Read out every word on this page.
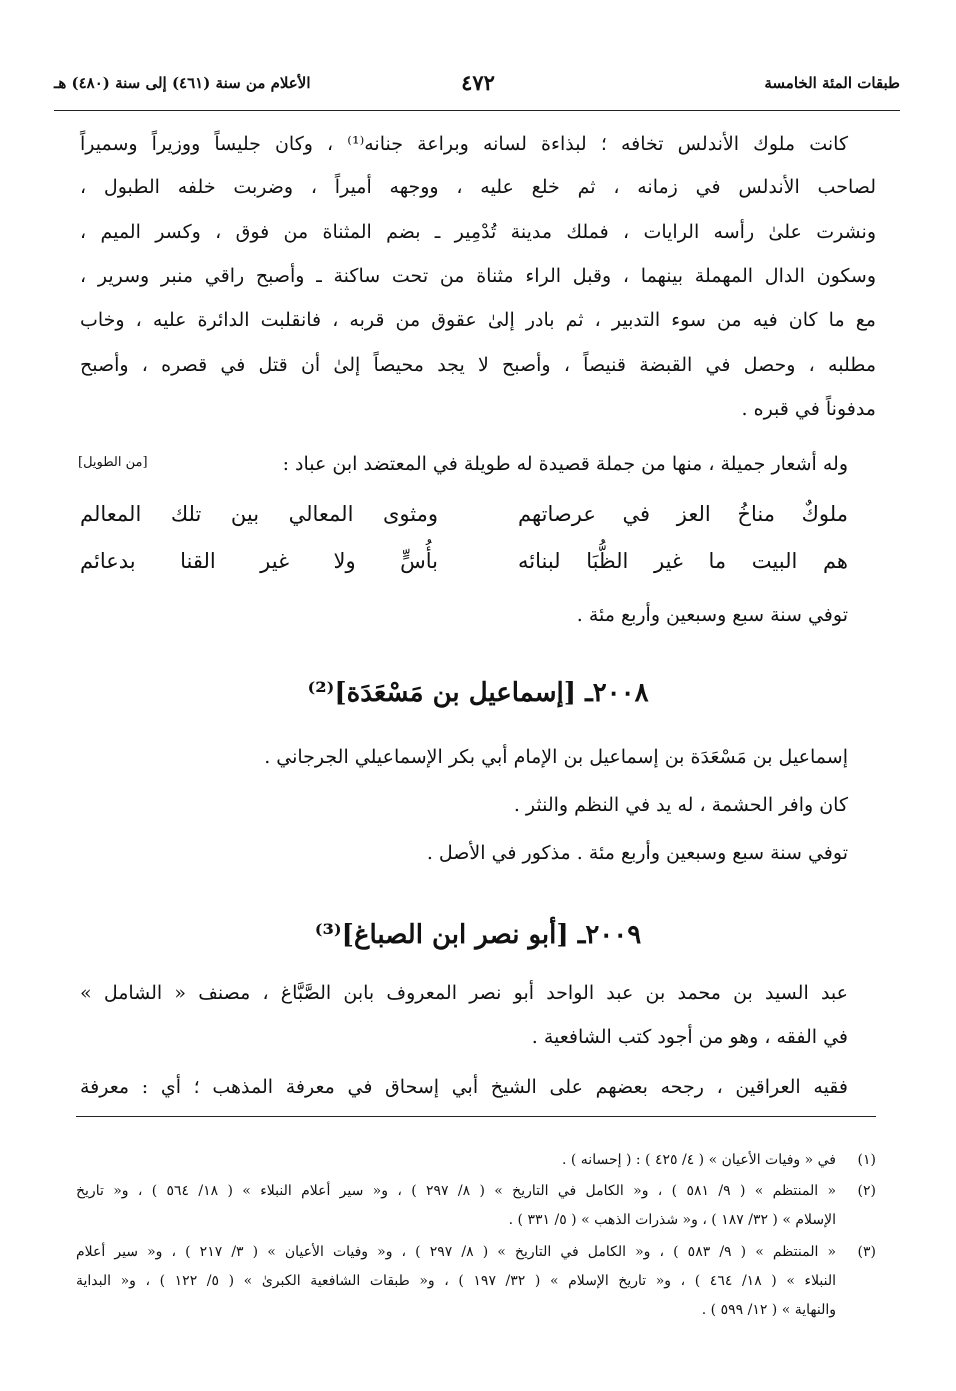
طبقات المئة الخامسة
٤٧٢
الأعلام من سنة (٤٦١) إلى سنة (٤٨٠) هـ
كانت ملوك الأندلس تخافه ؛ لبذاءة لسانه وبراعة جنانه⁽¹⁾ ، وكان جليساً ووزيراً وسميراً
لصاحب الأندلس في زمانه ، ثم خلع عليه ، ووجهه أميراً ، وضربت خلفه الطبول ،
ونشرت علىٰ رأسه الرايات ، فملك مدينة تُدْمِير ـ بضم المثناة من فوق ، وكسر الميم ،
وسكون الدال المهملة بينهما ، وقبل الراء مثناة من تحت ساكنة ـ وأصبح راقي منبر وسرير ،
مع ما كان فيه من سوء التدبير ، ثم بادر إلىٰ عقوق من قربه ، فانقلبت الدائرة عليه ، وخاب
مطلبه ، وحصل في القبضة قنيصاً ، وأصبح لا يجد محيصاً إلىٰ أن قتل في قصره ، وأصبح
مدفوناً في قبره .
وله أشعار جميلة ، منها من جملة قصيدة له طويلة في المعتضد ابن عباد :
[من الطويل]
ملوكٌ مناخُ العز في عرصاتهم
ومثوى المعالي بين تلك المعالم
هم البيت ما غير الظُّبَا لبنائه
بأُسٍّ ولا غير القنا بدعائم
توفي سنة سبع وسبعين وأربع مئة .
٢٠٠٨ـ [إسماعيل بن مَسْعَدَة]⁽²⁾
إسماعيل بن مَسْعَدَة بن إسماعيل بن الإمام أبي بكر الإسماعيلي الجرجاني .
كان وافر الحشمة ، له يد في النظم والنثر .
توفي سنة سبع وسبعين وأربع مئة . مذكور في الأصل .
٢٠٠٩ـ [أبو نصر ابن الصباغ]⁽³⁾
عبد السيد بن محمد بن عبد الواحد أبو نصر المعروف بابن الصَّبَّاغ ، مصنف « الشامل »
في الفقه ، وهو من أجود كتب الشافعية .
فقيه العراقين ، رجحه بعضهم على الشيخ أبي إسحاق في معرفة المذهب ؛ أي : معرفة
(١)
في « وفيات الأعيان » ( ٤/ ٤٢٥ ) : ( إحسانه ) .
(٢)
« المنتظم » ( ٩/ ٥٨١ ) ، و« الكامل في التاريخ » ( ٨/ ٢٩٧ ) ، و« سير أعلام النبلاء » ( ١٨/ ٥٦٤ ) ، و« تاريخ
الإسلام » ( ٣٢/ ١٨٧ ) ، و« شذرات الذهب » ( ٥/ ٣٣١ ) .
(٣)
« المنتظم » ( ٩/ ٥٨٣ ) ، و« الكامل في التاريخ » ( ٨/ ٢٩٧ ) ، و« وفيات الأعيان » ( ٣/ ٢١٧ ) ، و« سير أعلام
النبلاء » ( ١٨/ ٤٦٤ ) ، و« تاريخ الإسلام » ( ٣٢/ ١٩٧ ) ، و« طبقات الشافعية الكبرىٰ » ( ٥/ ١٢٢ ) ، و« البداية
والنهاية » ( ١٢/ ٥٩٩ ) .
